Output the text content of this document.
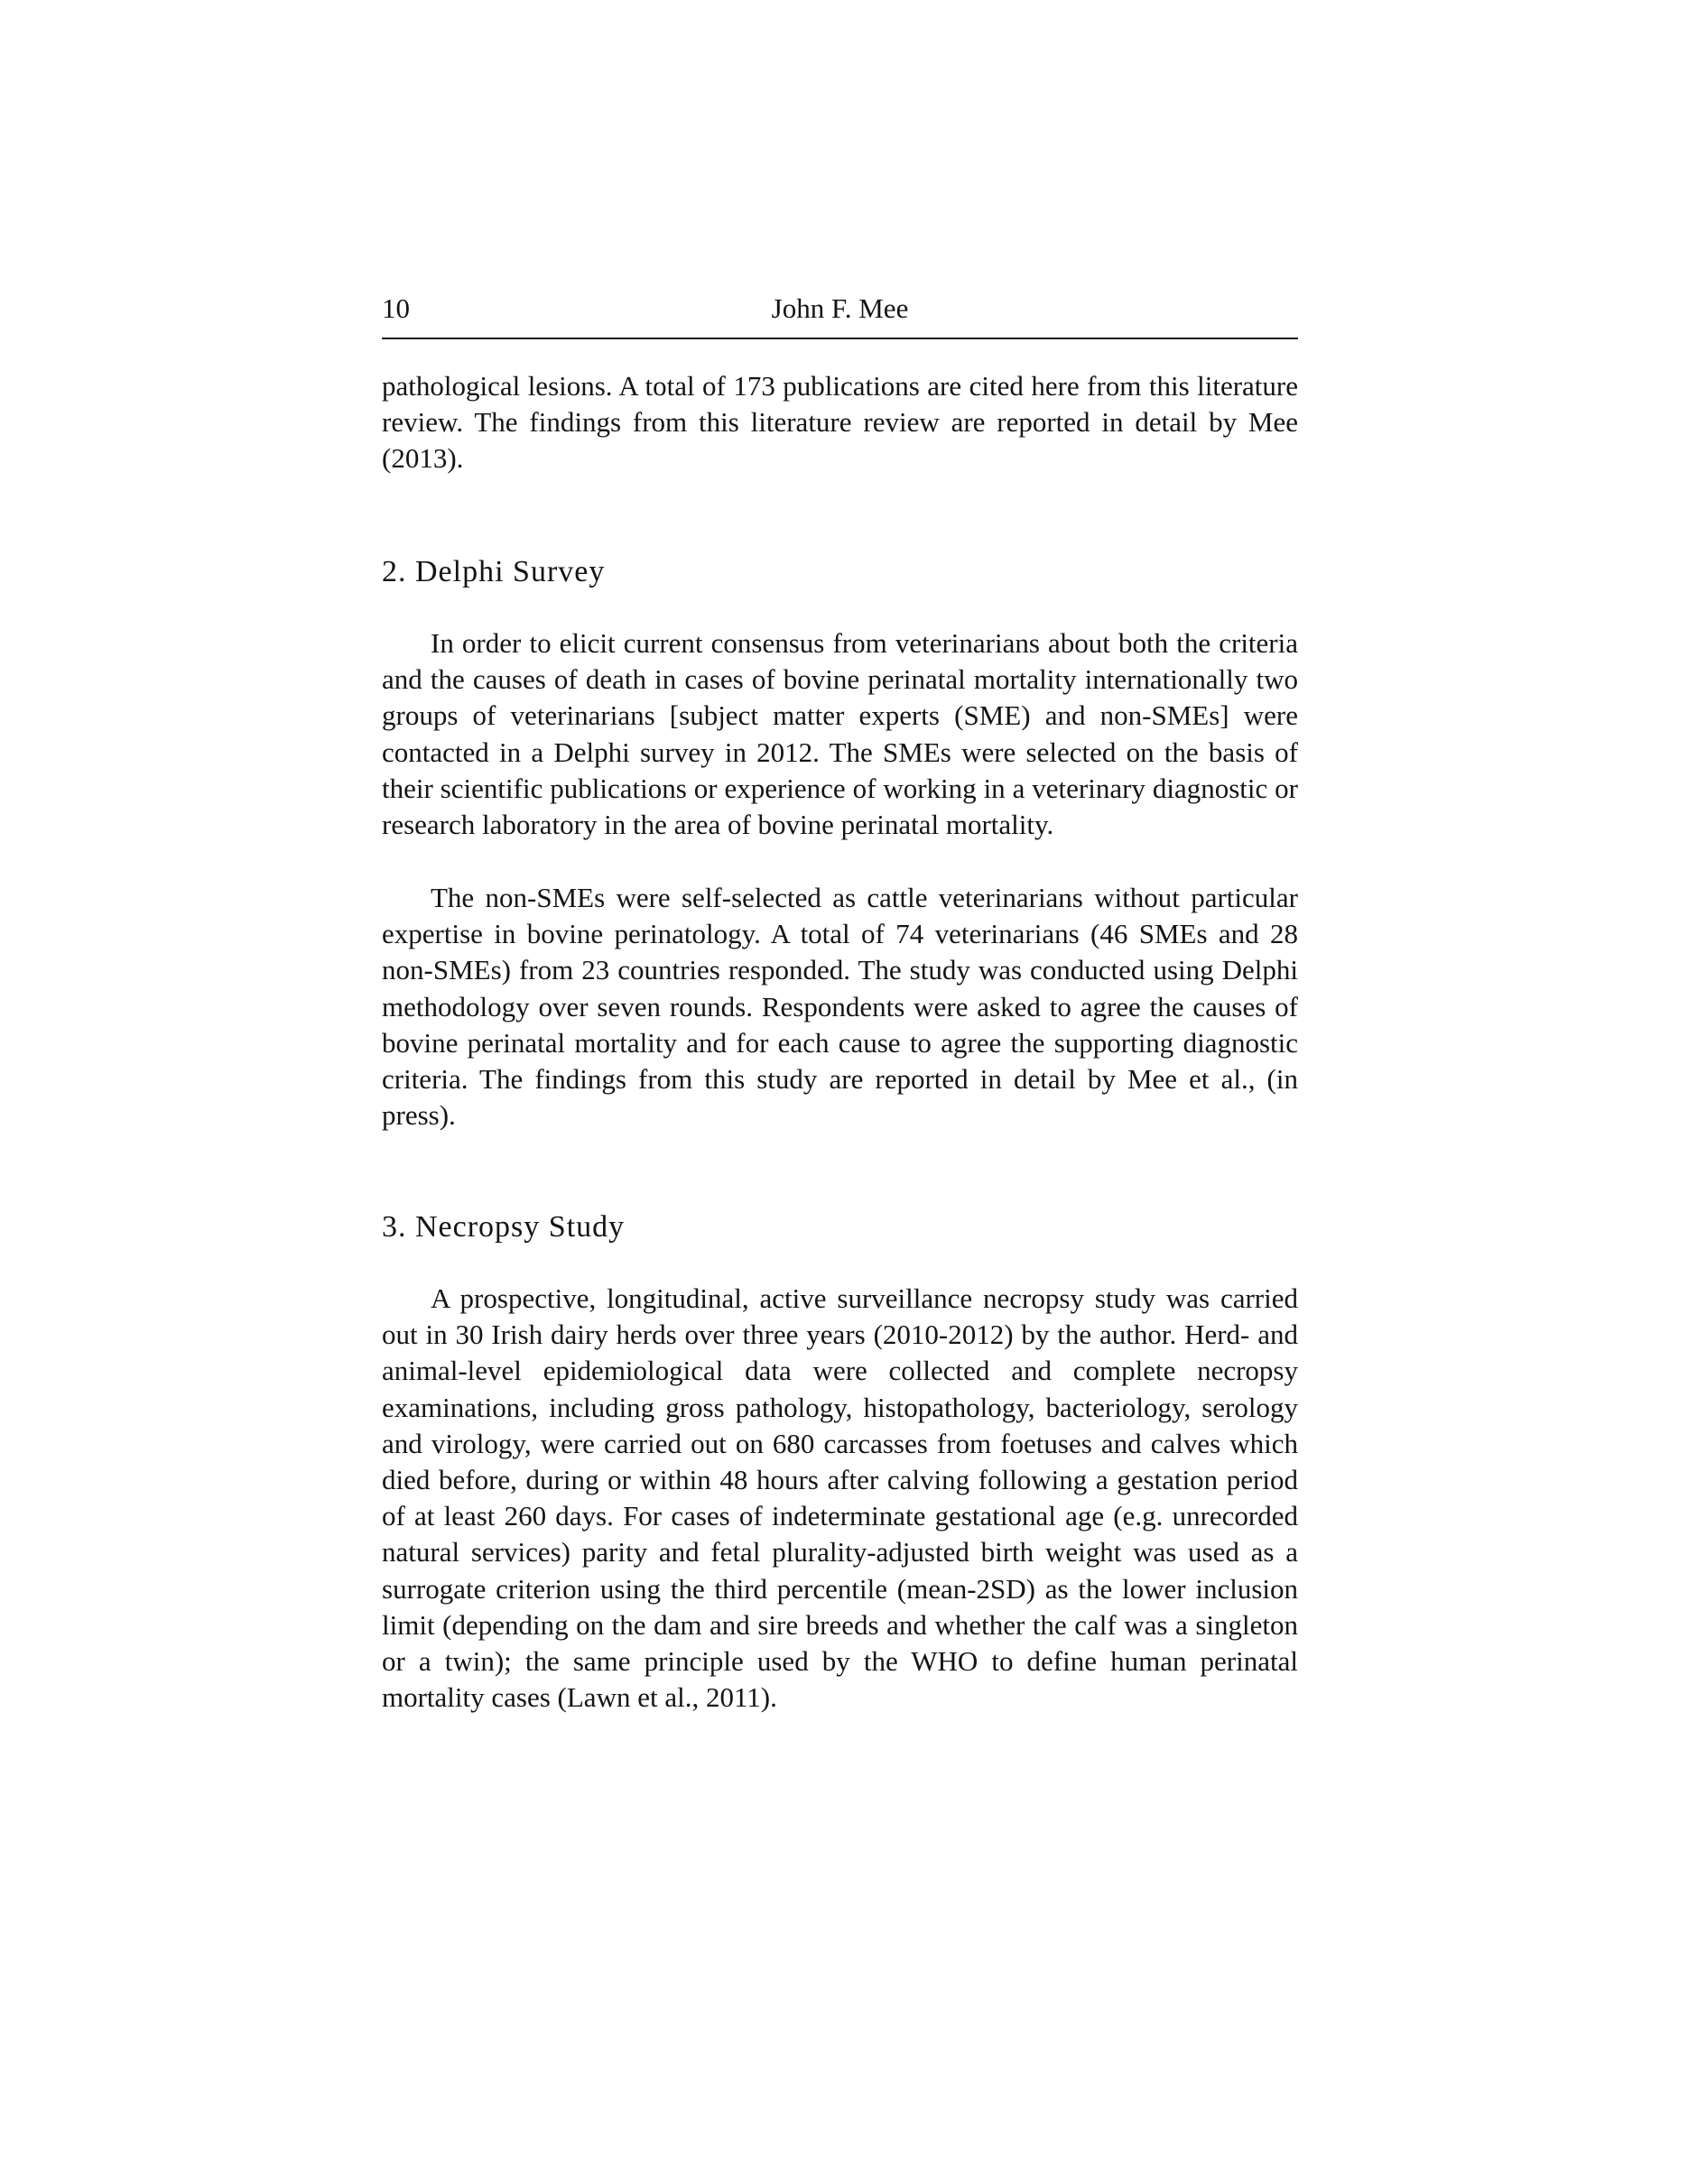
10	John F. Mee

pathological lesions. A total of 173 publications are cited here from this literature review. The findings from this literature review are reported in detail by Mee (2013).

2. Delphi Survey

In order to elicit current consensus from veterinarians about both the criteria and the causes of death in cases of bovine perinatal mortality internationally two groups of veterinarians [subject matter experts (SME) and non-SMEs] were contacted in a Delphi survey in 2012. The SMEs were selected on the basis of their scientific publications or experience of working in a veterinary diagnostic or research laboratory in the area of bovine perinatal mortality.

The non-SMEs were self-selected as cattle veterinarians without particular expertise in bovine perinatology. A total of 74 veterinarians (46 SMEs and 28 non-SMEs) from 23 countries responded. The study was conducted using Delphi methodology over seven rounds. Respondents were asked to agree the causes of bovine perinatal mortality and for each cause to agree the supporting diagnostic criteria. The findings from this study are reported in detail by Mee et al., (in press).

3. Necropsy Study

A prospective, longitudinal, active surveillance necropsy study was carried out in 30 Irish dairy herds over three years (2010-2012) by the author. Herd- and animal-level epidemiological data were collected and complete necropsy examinations, including gross pathology, histopathology, bacteriology, serology and virology, were carried out on 680 carcasses from foetuses and calves which died before, during or within 48 hours after calving following a gestation period of at least 260 days. For cases of indeterminate gestational age (e.g. unrecorded natural services) parity and fetal plurality-adjusted birth weight was used as a surrogate criterion using the third percentile (mean-2SD) as the lower inclusion limit (depending on the dam and sire breeds and whether the calf was a singleton or a twin); the same principle used by the WHO to define human perinatal mortality cases (Lawn et al., 2011).
